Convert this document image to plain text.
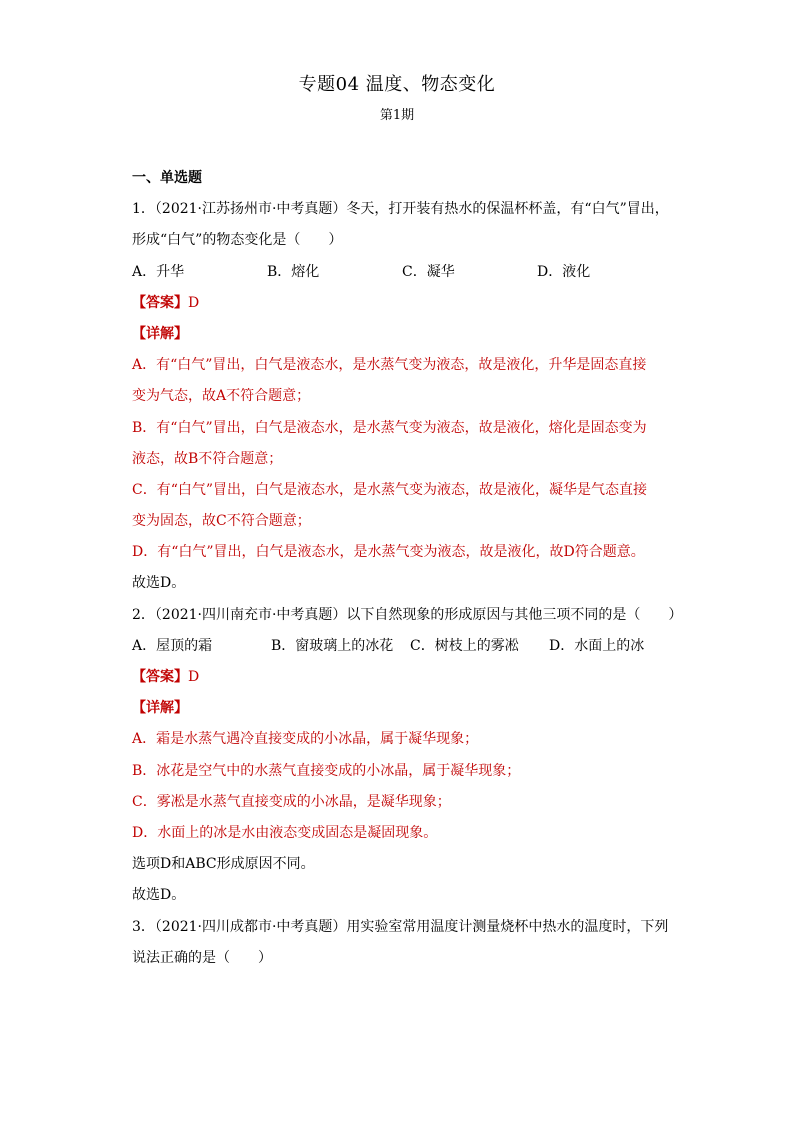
专题04 温度、物态变化
第1期
一、单选题
1．（2021·江苏扬州市·中考真题）冬天，打开装有热水的保温杯杯盖，有“白气”冒出，
形成“白气”的物态变化是（　　）
A．升华	B．熔化	C．凝华	D．液化
【答案】D
【详解】
A．有“白气”冒出，白气是液态水，是水蒸气变为液态，故是液化，升华是固态直接
变为气态，故A不符合题意；
B．有“白气”冒出，白气是液态水，是水蒸气变为液态，故是液化，熔化是固态变为
液态，故B不符合题意；
C．有“白气”冒出，白气是液态水，是水蒸气变为液态，故是液化，凝华是气态直接
变为固态，故C不符合题意；
D．有“白气”冒出，白气是液态水，是水蒸气变为液态，故是液化，故D符合题意。
故选D。
2．（2021·四川南充市·中考真题）以下自然现象的形成原因与其他三项不同的是（　　）
A．屋顶的霜	B．窗玻璃上的冰花	C．树枝上的雾凇	D．水面上的冰
【答案】D
【详解】
A．霜是水蒸气遇冷直接变成的小冰晶，属于凝华现象；
B．冰花是空气中的水蒸气直接变成的小冰晶，属于凝华现象；
C．雾凇是水蒸气直接变成的小冰晶，是凝华现象；
D．水面上的冰是水由液态变成固态是凝固现象。
选项D和ABC形成原因不同。
故选D。
3．（2021·四川成都市·中考真题）用实验室常用温度计测量烧杯中热水的温度时，下列
说法正确的是（　　）
